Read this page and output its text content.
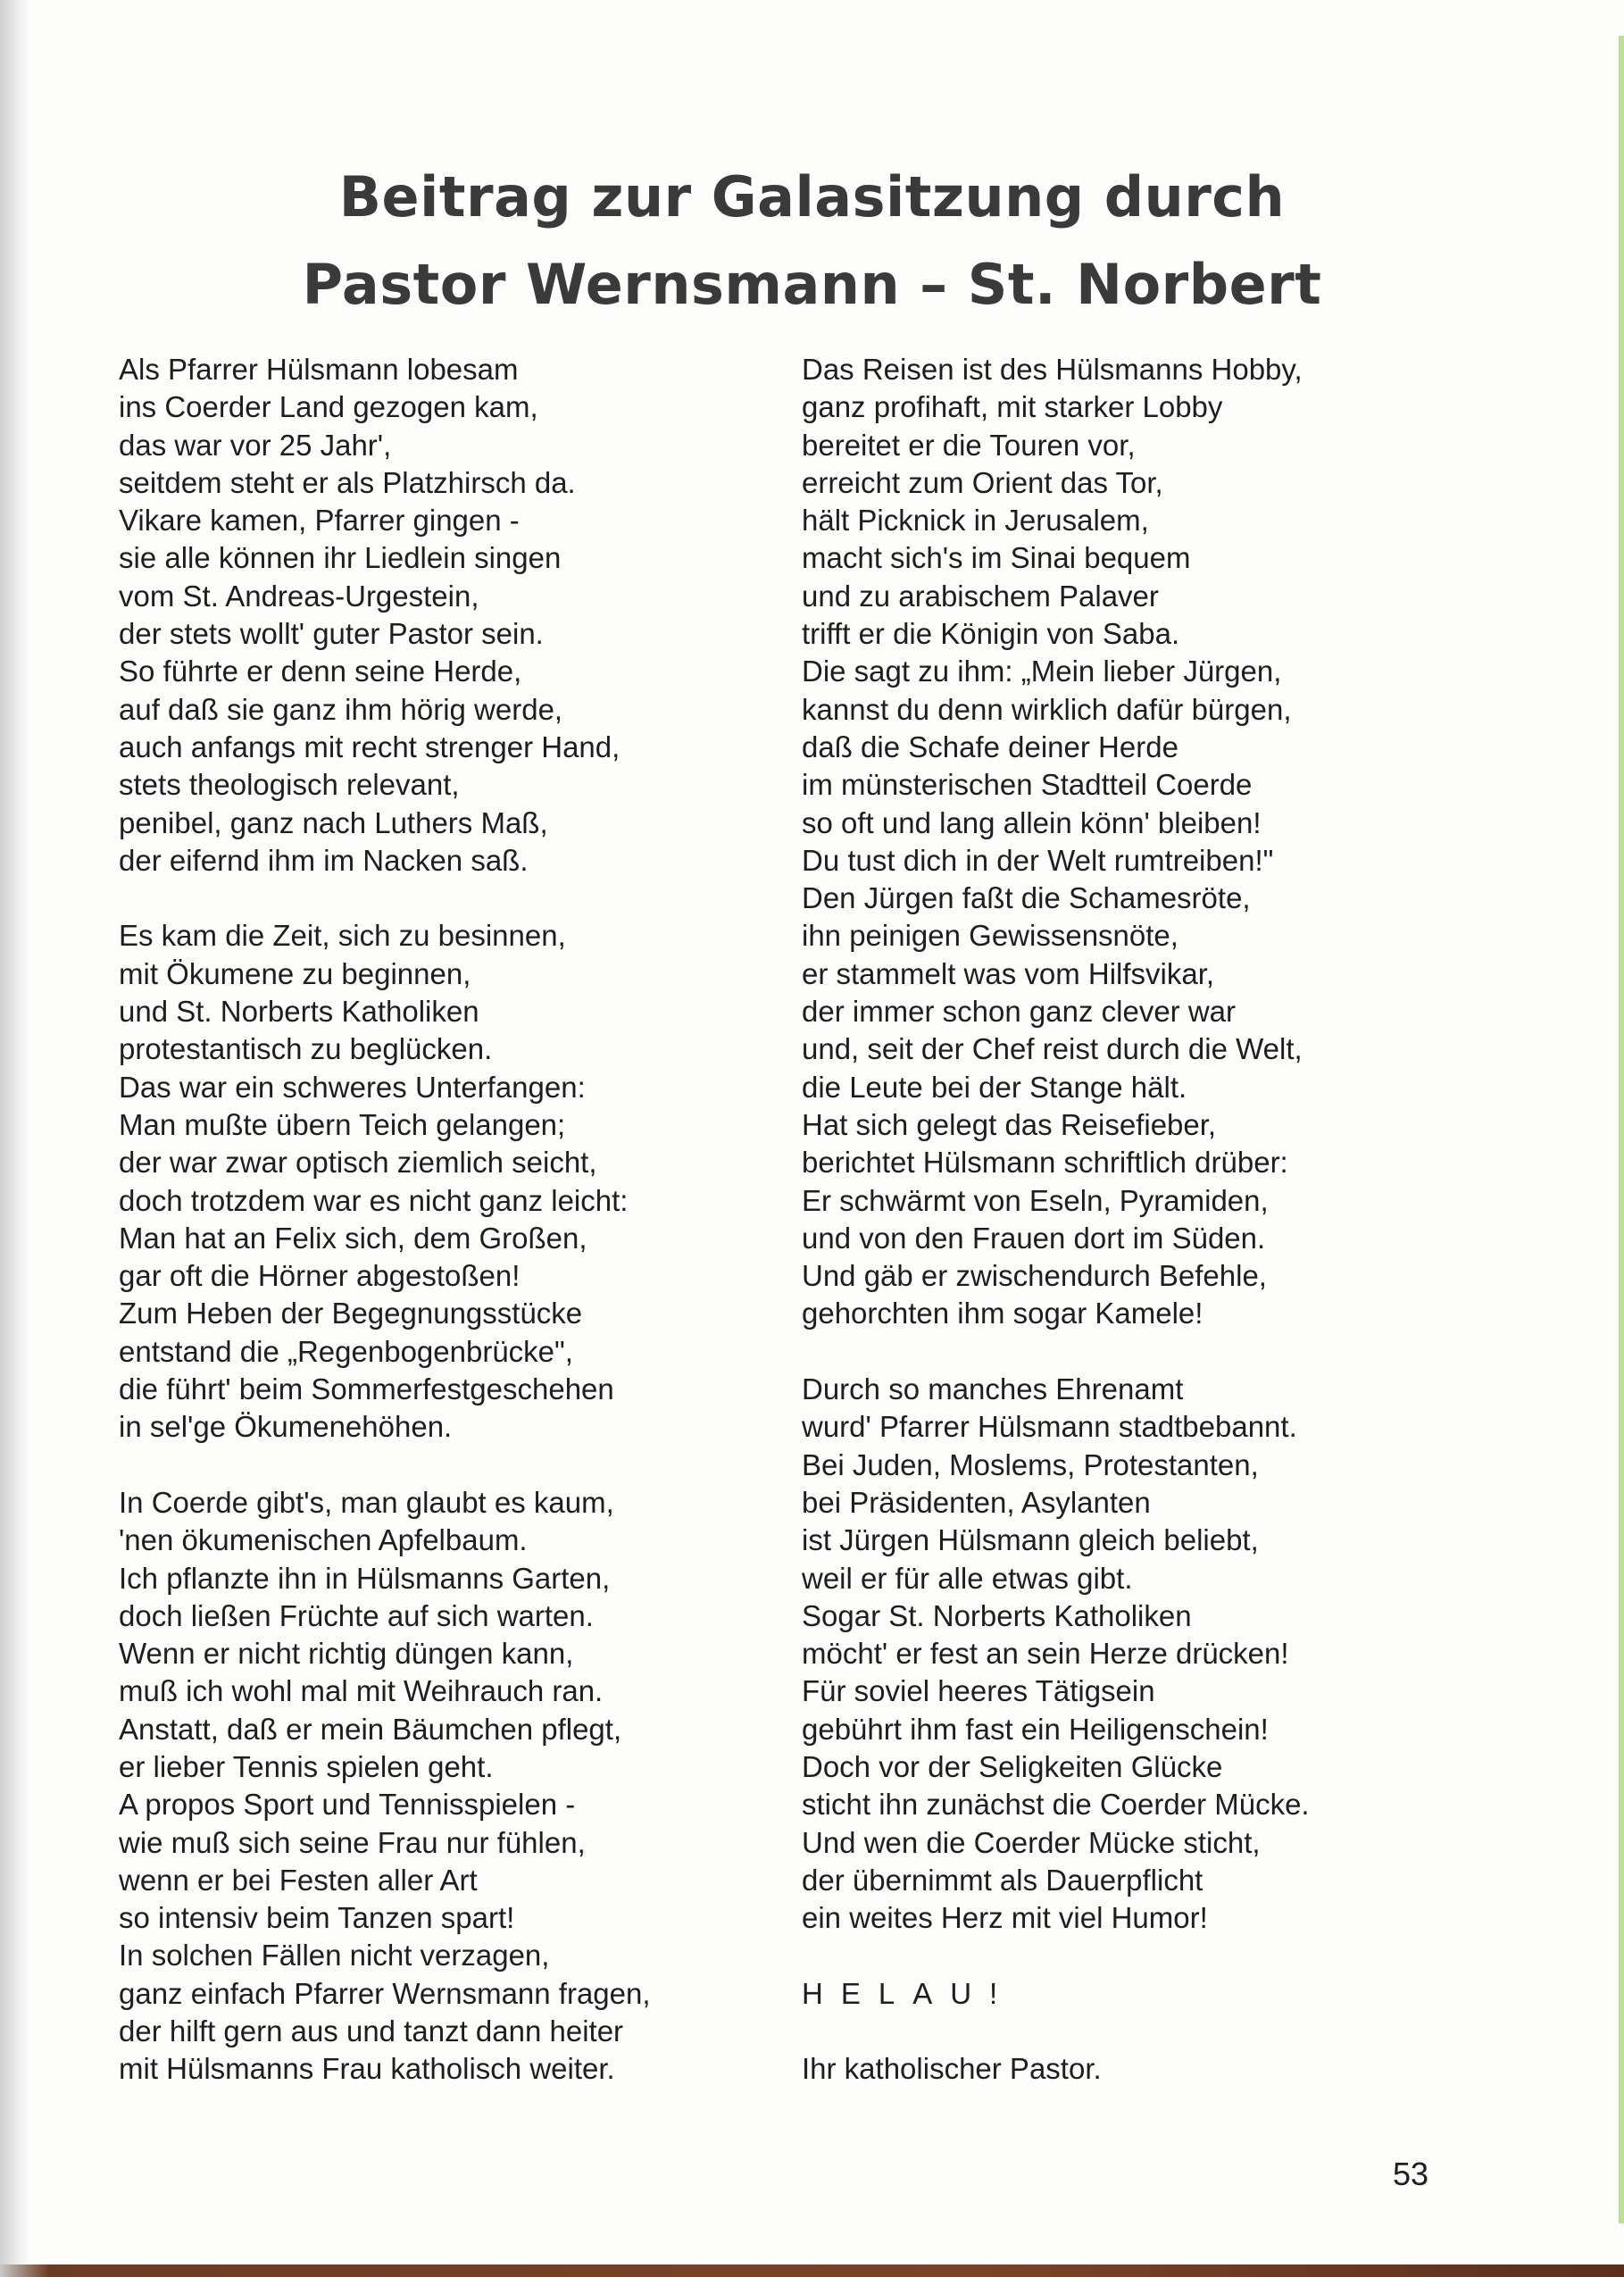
Beitrag zur Galasitzung durch
Pastor Wernsmann – St. Norbert
Als Pfarrer Hülsmann lobesam
ins Coerder Land gezogen kam,
das war vor 25 Jahr',
seitdem steht er als Platzhirsch da.
Vikare kamen, Pfarrer gingen -
sie alle können ihr Liedlein singen
vom St. Andreas-Urgestein,
der stets wollt' guter Pastor sein.
So führte er denn seine Herde,
auf daß sie ganz ihm hörig werde,
auch anfangs mit recht strenger Hand,
stets theologisch relevant,
penibel, ganz nach Luthers Maß,
der eifernd ihm im Nacken saß.
Es kam die Zeit, sich zu besinnen,
mit Ökumene zu beginnen,
und St. Norberts Katholiken
protestantisch zu beglücken.
Das war ein schweres Unterfangen:
Man mußte übern Teich gelangen;
der war zwar optisch ziemlich seicht,
doch trotzdem war es nicht ganz leicht:
Man hat an Felix sich, dem Großen,
gar oft die Hörner abgestoßen!
Zum Heben der Begegnungsstücke
entstand die „Regenbogenbrücke",
die führt' beim Sommerfestgeschehen
in sel'ge Ökumenehöhen.
In Coerde gibt's, man glaubt es kaum,
'nen ökumenischen Apfelbaum.
Ich pflanzte ihn in Hülsmanns Garten,
doch ließen Früchte auf sich warten.
Wenn er nicht richtig düngen kann,
muß ich wohl mal mit Weihrauch ran.
Anstatt, daß er mein Bäumchen pflegt,
er lieber Tennis spielen geht.
A propos Sport und Tennisspielen -
wie muß sich seine Frau nur fühlen,
wenn er bei Festen aller Art
so intensiv beim Tanzen spart!
In solchen Fällen nicht verzagen,
ganz einfach Pfarrer Wernsmann fragen,
der hilft gern aus und tanzt dann heiter
mit Hülsmanns Frau katholisch weiter.
Das Reisen ist des Hülsmanns Hobby,
ganz profihaft, mit starker Lobby
bereitet er die Touren vor,
erreicht zum Orient das Tor,
hält Picknick in Jerusalem,
macht sich's im Sinai bequem
und zu arabischem Palaver
trifft er die Königin von Saba.
Die sagt zu ihm: „Mein lieber Jürgen,
kannst du denn wirklich dafür bürgen,
daß die Schafe deiner Herde
im münsterischen Stadtteil Coerde
so oft und lang allein könn' bleiben!
Du tust dich in der Welt rumtreiben!"
Den Jürgen faßt die Schamesröte,
ihn peinigen Gewissensnöte,
er stammelt was vom Hilfsvikar,
der immer schon ganz clever war
und, seit der Chef reist durch die Welt,
die Leute bei der Stange hält.
Hat sich gelegt das Reisefieber,
berichtet Hülsmann schriftlich drüber:
Er schwärmt von Eseln, Pyramiden,
und von den Frauen dort im Süden.
Und gäb er zwischendurch Befehle,
gehorchten ihm sogar Kamele!
Durch so manches Ehrenamt
wurd' Pfarrer Hülsmann stadtbebannt.
Bei Juden, Moslems, Protestanten,
bei Präsidenten, Asylanten
ist Jürgen Hülsmann gleich beliebt,
weil er für alle etwas gibt.
Sogar St. Norberts Katholiken
möcht' er fest an sein Herze drücken!
Für soviel heeres Tätigsein
gebührt ihm fast ein Heiligenschein!
Doch vor der Seligkeiten Glücke
sticht ihn zunächst die Coerder Mücke.
Und wen die Coerder Mücke sticht,
der übernimmt als Dauerpflicht
ein weites Herz mit viel Humor!
HELAU!
Ihr katholischer Pastor.
53
